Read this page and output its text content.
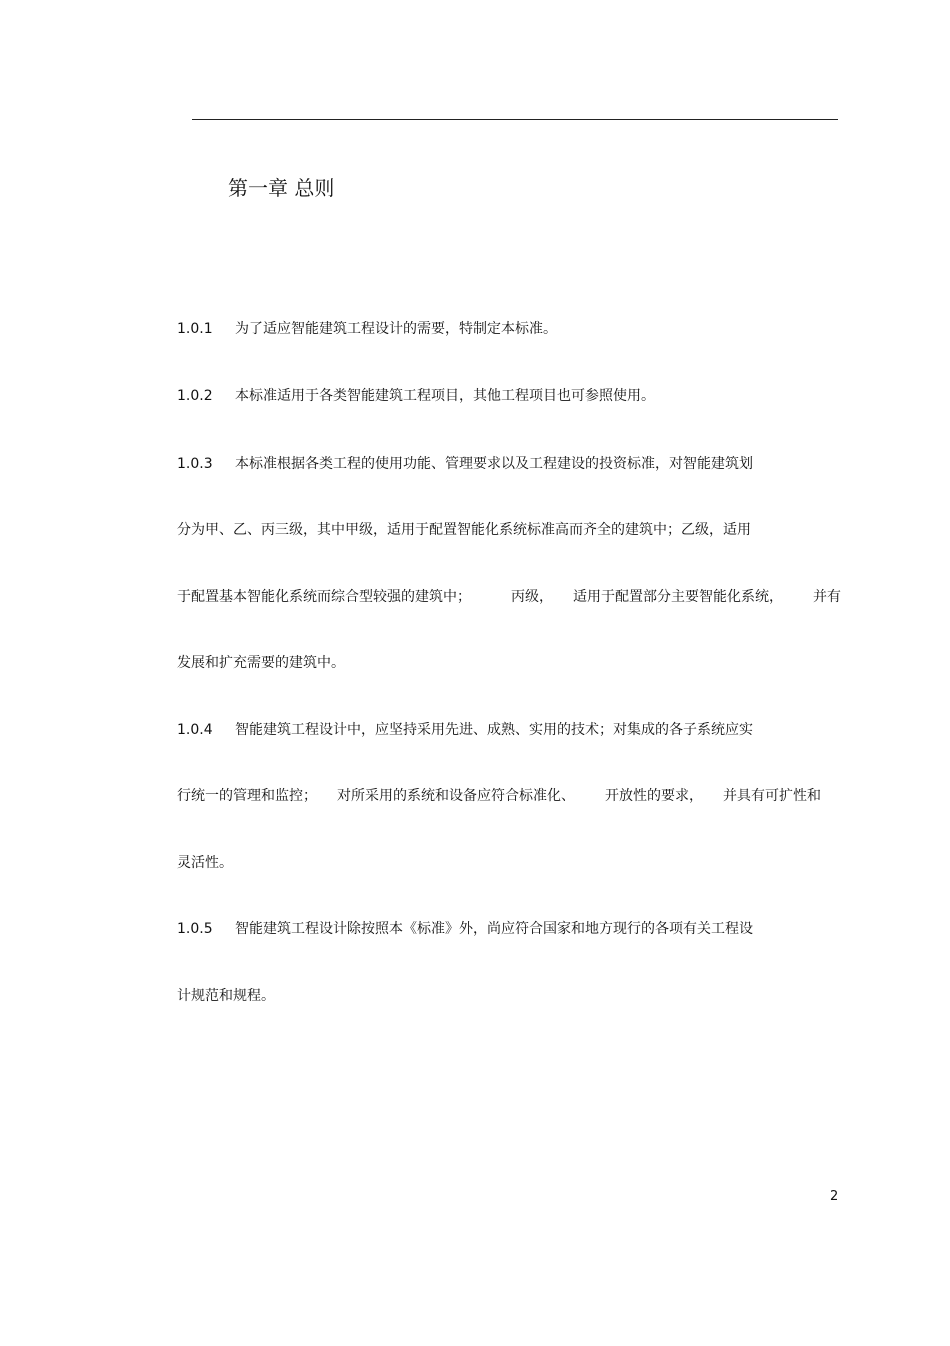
第一章 总则
1.0.1 为了适应智能建筑工程设计的需要，特制定本标准。
1.0.2 本标准适用于各类智能建筑工程项目，其他工程项目也可参照使用。
1.0.3 本标准根据各类工程的使用功能、管理要求以及工程建设的投资标准，对智能建筑划
分为甲、乙、丙三级，其中甲级，适用于配置智能化系统标准高而齐全的建筑中；乙级，适用
于配置基本智能化系统而综合型较强的建筑中；	丙级， 适用于配置部分主要智能化系统， 并有
发展和扩充需要的建筑中。
1.0.4 智能建筑工程设计中，应坚持采用先进、成熟、实用的技术；对集成的各子系统应实
行统一的管理和监控； 对所采用的系统和设备应符合标准化、 开放性的要求， 并具有可扩性和
灵活性。
1.0.5 智能建筑工程设计除按照本《标准》外，尚应符合国家和地方现行的各项有关工程设
计规范和规程。
2
